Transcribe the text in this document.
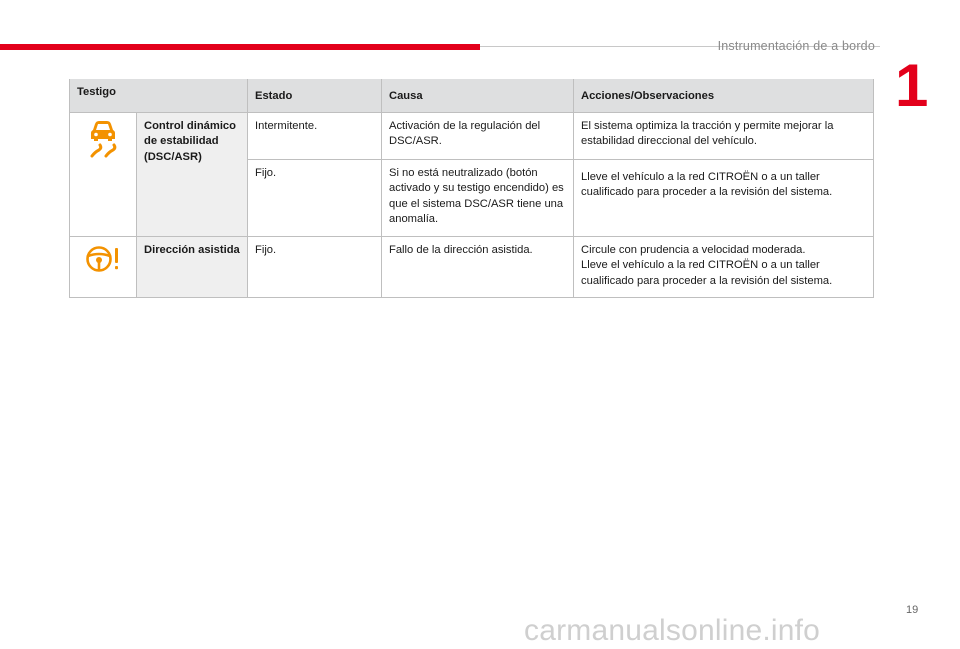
Instrumentación de a bordo
1
Testigo		Estado	Causa	Acciones/Observaciones
	Control dinámico de estabilidad (DSC/ASR)	Intermitente.	Activación de la regulación del DSC/ASR.	El sistema optimiza la tracción y permite mejorar la estabilidad direccional del vehículo.
		Fijo.	Si no está neutralizado (botón activado y su testigo encendido) es que el sistema DSC/ASR tiene una anomalía.	Lleve el vehículo a la red CITROËN o a un taller cualificado para proceder a la revisión del sistema.
	Dirección asistida	Fijo.	Fallo de la dirección asistida.	Circule con prudencia a velocidad moderada.
Lleve el vehículo a la red CITROËN o a un taller cualificado para proceder a la revisión del sistema.
19
carmanualsonline.info
